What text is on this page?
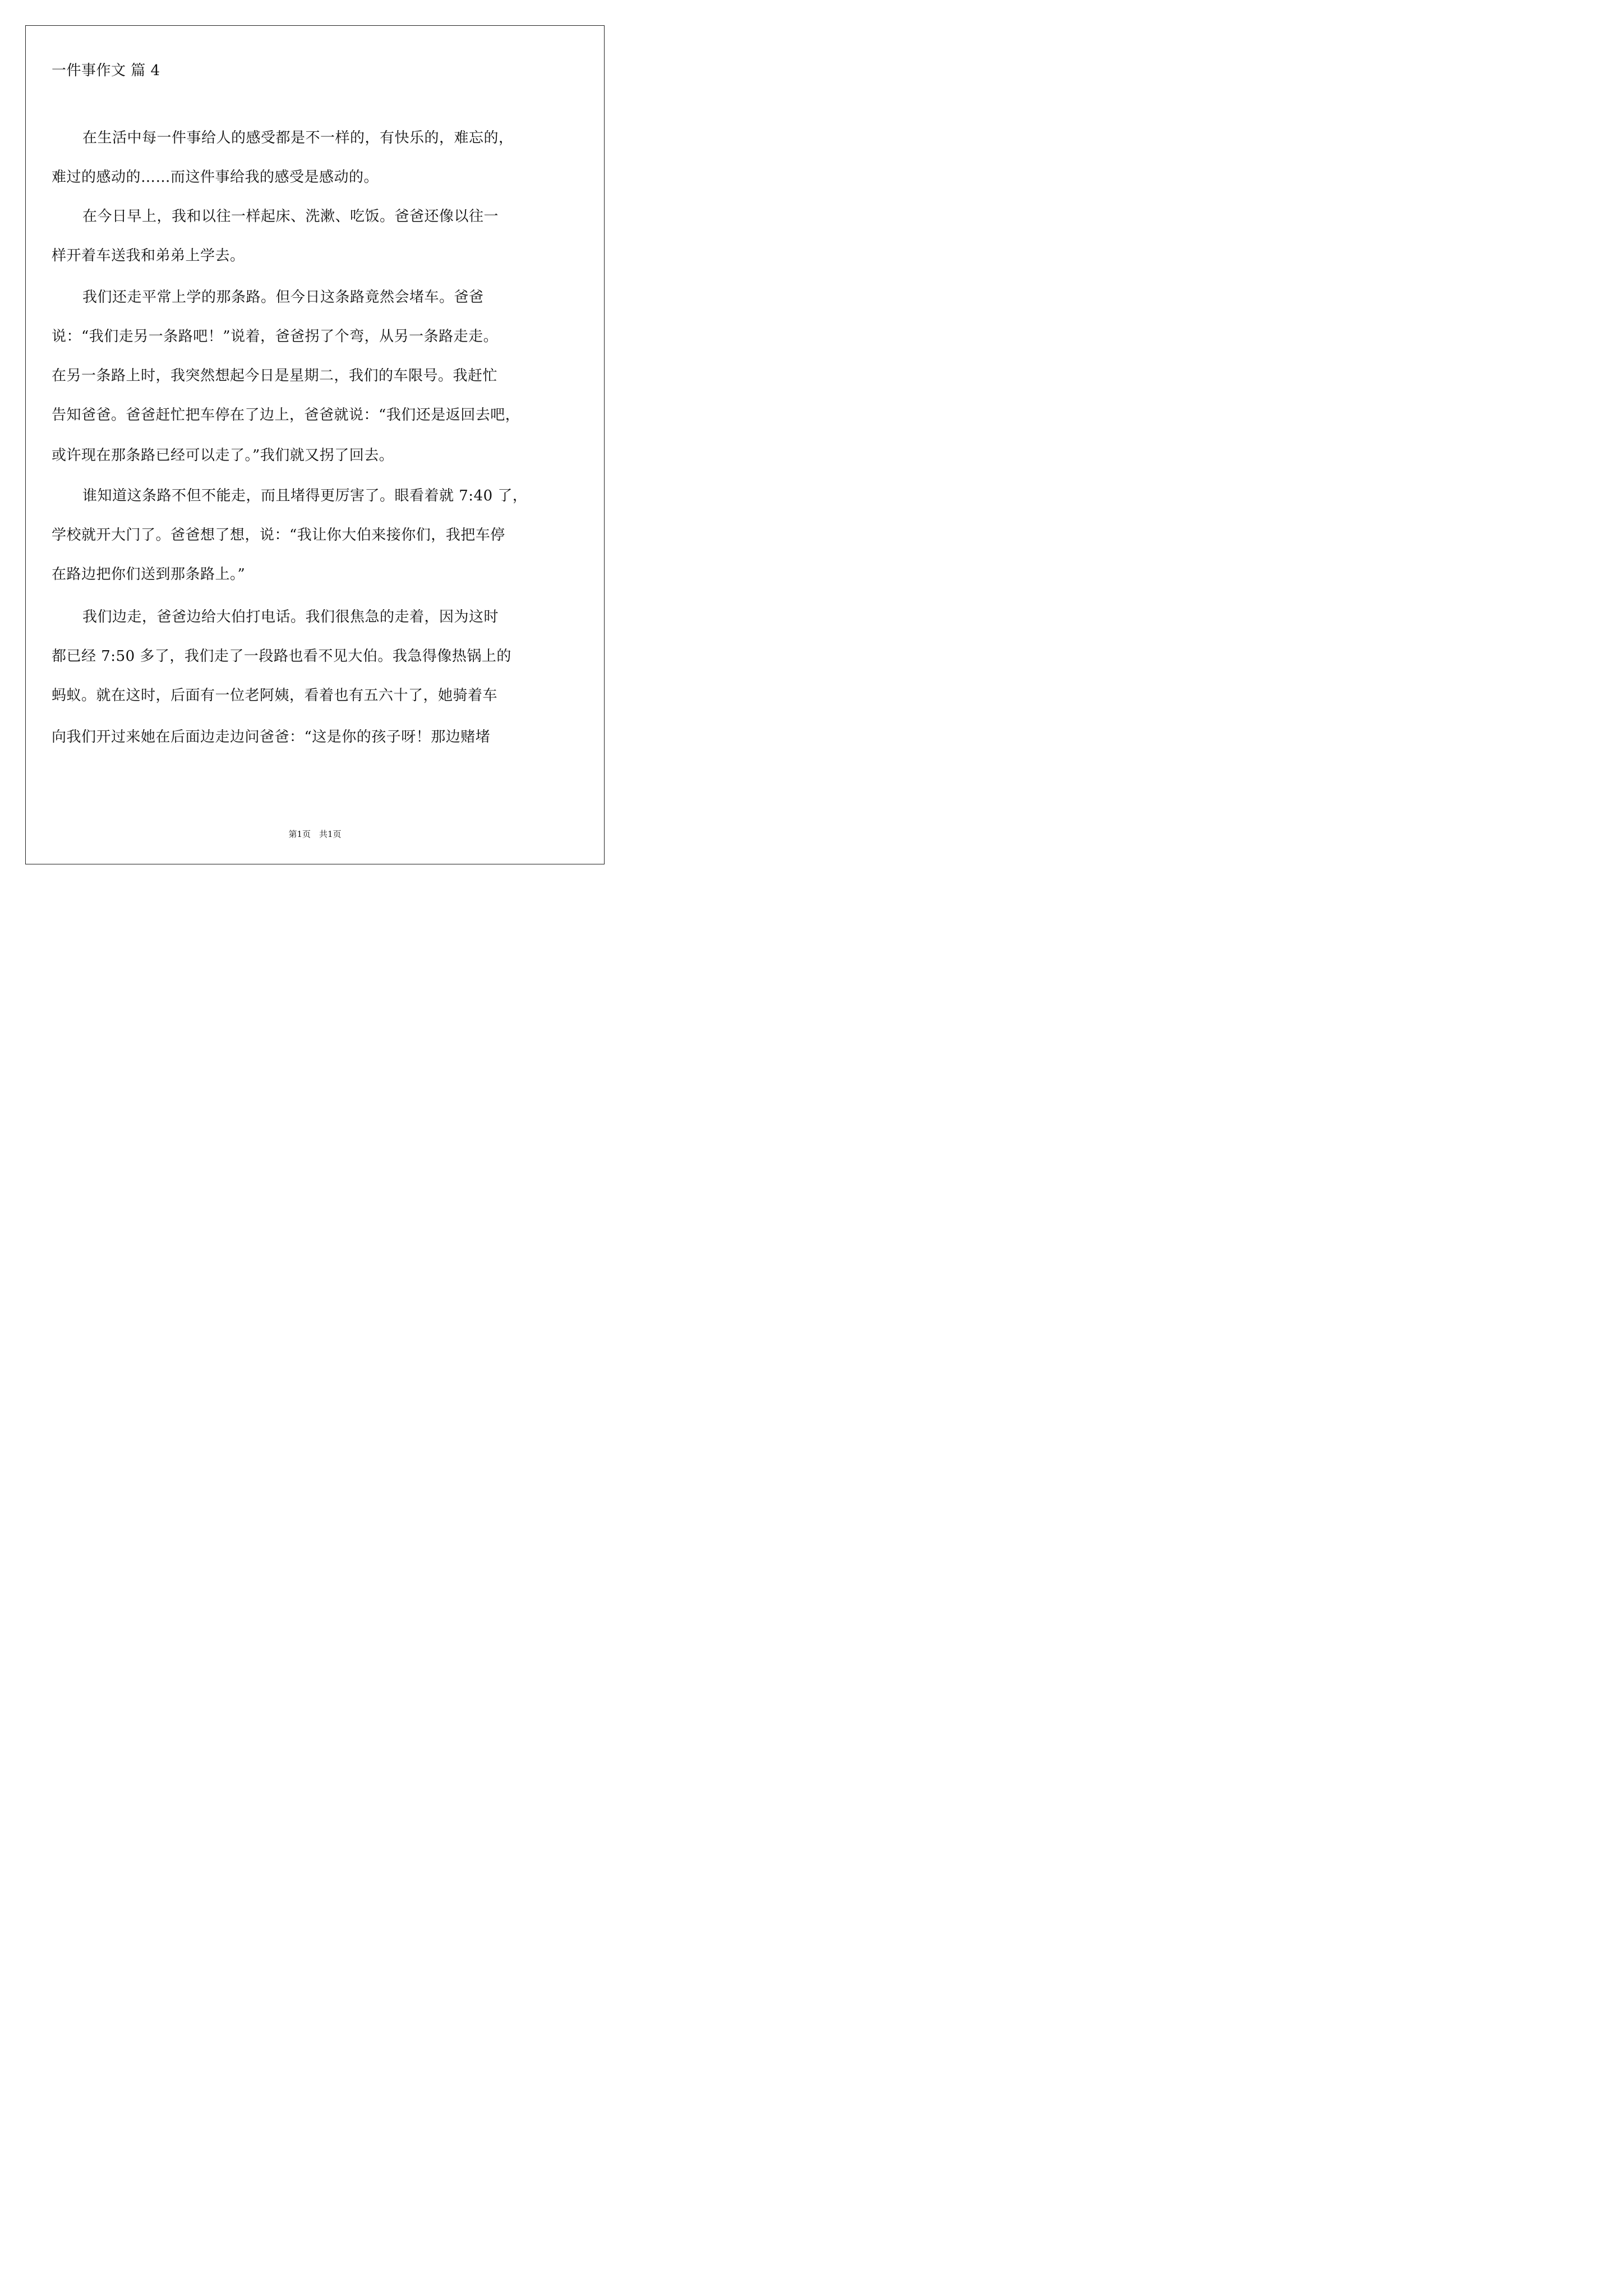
一件事作文 篇 4
在生活中每一件事给人的感受都是不一样的，有快乐的，难忘的，
难过的感动的……而这件事给我的感受是感动的。
在今日早上，我和以往一样起床、洗漱、吃饭。爸爸还像以往一
样开着车送我和弟弟上学去。
我们还走平常上学的那条路。但今日这条路竟然会堵车。爸爸
说：“我们走另一条路吧！”说着，爸爸拐了个弯，从另一条路走走。
在另一条路上时，我突然想起今日是星期二，我们的车限号。我赶忙
告知爸爸。爸爸赶忙把车停在了边上，爸爸就说：“我们还是返回去吧，
或许现在那条路已经可以走了。”我们就又拐了回去。
谁知道这条路不但不能走，而且堵得更厉害了。眼看着就 7:40 了，
学校就开大门了。爸爸想了想，说：“我让你大伯来接你们，我把车停
在路边把你们送到那条路上。”
我们边走，爸爸边给大伯打电话。我们很焦急的走着，因为这时
都已经 7:50 多了，我们走了一段路也看不见大伯。我急得像热锅上的
蚂蚁。就在这时，后面有一位老阿姨，看着也有五六十了，她骑着车
向我们开过来她在后面边走边问爸爸：“这是你的孩子呀！那边赌堵
第1页　共1页
